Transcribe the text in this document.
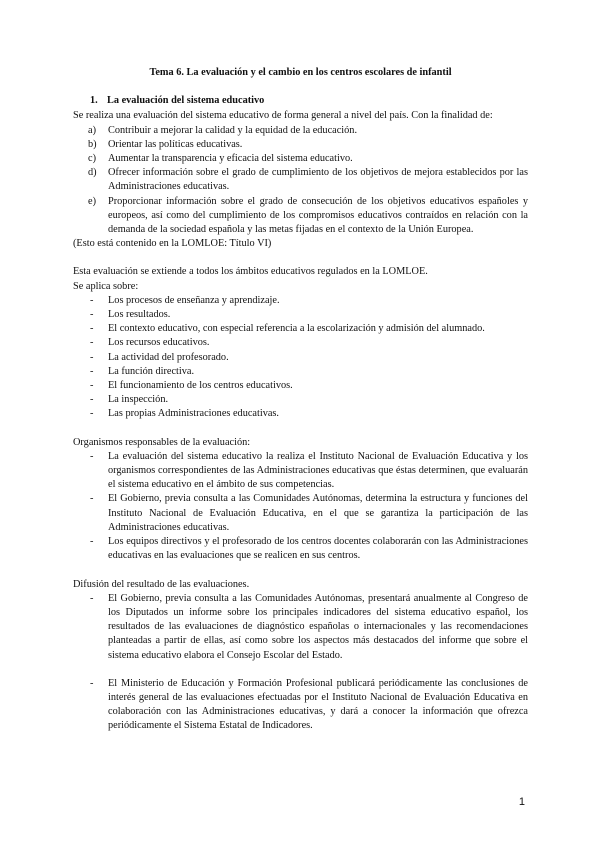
Tema 6. La evaluación y el cambio en los centros escolares de infantil

1. La evaluación del sistema educativo

Se realiza una evaluación del sistema educativo de forma general a nivel del país. Con la finalidad de:

a)	Contribuir a mejorar la calidad y la equidad de la educación.
b)	Orientar las políticas educativas.
c)	Aumentar la transparencia y eficacia del sistema educativo.
d)	Ofrecer información sobre el grado de cumplimiento de los objetivos de mejora establecidos por las Administraciones educativas.
e)	Proporcionar información sobre el grado de consecución de los objetivos educativos españoles y europeos, así como del cumplimiento de los compromisos educativos contraídos en relación con la demanda de la sociedad española y las metas fijadas en el contexto de la Unión Europea.

(Esto está contenido en la LOMLOE: Título VI)

Esta evaluación se extiende a todos los ámbitos educativos regulados en la LOMLOE.

Se aplica sobre:

-	Los procesos de enseñanza y aprendizaje.
-	Los resultados.
-	El contexto educativo, con especial referencia a la escolarización y admisión del alumnado.
-	Los recursos educativos.
-	La actividad del profesorado.
-	La función directiva.
-	El funcionamiento de los centros educativos.
-	La inspección.
-	Las propias Administraciones educativas.

Organismos responsables de la evaluación:

-	La evaluación del sistema educativo la realiza el Instituto Nacional de Evaluación Educativa y los organismos correspondientes de las Administraciones educativas que éstas determinen, que evaluarán el sistema educativo en el ámbito de sus competencias.
-	El Gobierno, previa consulta a las Comunidades Autónomas, determina la estructura y funciones del Instituto Nacional de Evaluación Educativa, en el que se garantiza la participación de las Administraciones educativas.
-	Los equipos directivos y el profesorado de los centros docentes colaborarán con las Administraciones educativas en las evaluaciones que se realicen en sus centros.

Difusión del resultado de las evaluaciones.

-	El Gobierno, previa consulta a las Comunidades Autónomas, presentará anualmente al Congreso de los Diputados un informe sobre los principales indicadores del sistema educativo español, los resultados de las evaluaciones de diagnóstico españolas o internacionales y las recomendaciones planteadas a partir de ellas, así como sobre los aspectos más destacados del informe que sobre el sistema educativo elabora el Consejo Escolar del Estado.
-	El Ministerio de Educación y Formación Profesional publicará periódicamente las conclusiones de interés general de las evaluaciones efectuadas por el Instituto Nacional de Evaluación Educativa en colaboración con las Administraciones educativas, y dará a conocer la información que ofrezca periódicamente el Sistema Estatal de Indicadores.
1
